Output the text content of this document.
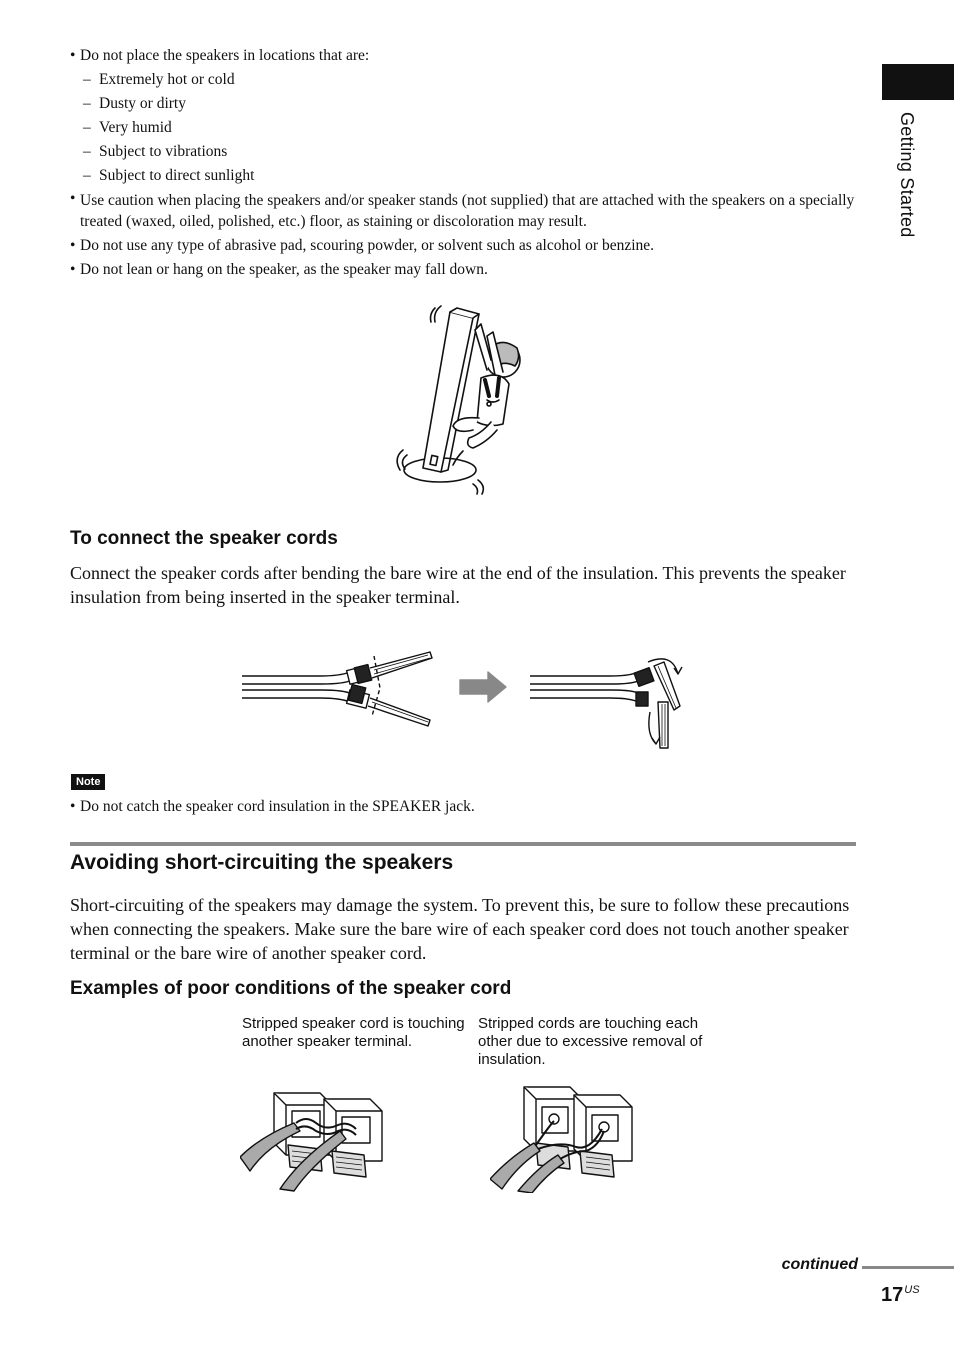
Getting Started
• Do not place the speakers in locations that are:
– Extremely hot or cold
– Dusty or dirty
– Very humid
– Subject to vibrations
– Subject to direct sunlight
• Use caution when placing the speakers and/or speaker stands (not supplied) that are attached with the speakers on a specially treated (waxed, oiled, polished, etc.) floor, as staining or discoloration may result.
• Do not use any type of abrasive pad, scouring powder, or solvent such as alcohol or benzine.
• Do not lean or hang on the speaker, as the speaker may fall down.
To connect the speaker cords
Connect the speaker cords after bending the bare wire at the end of the insulation. This prevents the speaker insulation from being inserted in the speaker terminal.
Note
• Do not catch the speaker cord insulation in the SPEAKER jack.
Avoiding short-circuiting the speakers
Short-circuiting of the speakers may damage the system. To prevent this, be sure to follow these precautions when connecting the speakers. Make sure the bare wire of each speaker cord does not touch another speaker terminal or the bare wire of another speaker cord.
Examples of poor conditions of the speaker cord
Stripped speaker cord is touching another speaker terminal.
Stripped cords are touching each other due to excessive removal of insulation.
continued
$17^{US}$
